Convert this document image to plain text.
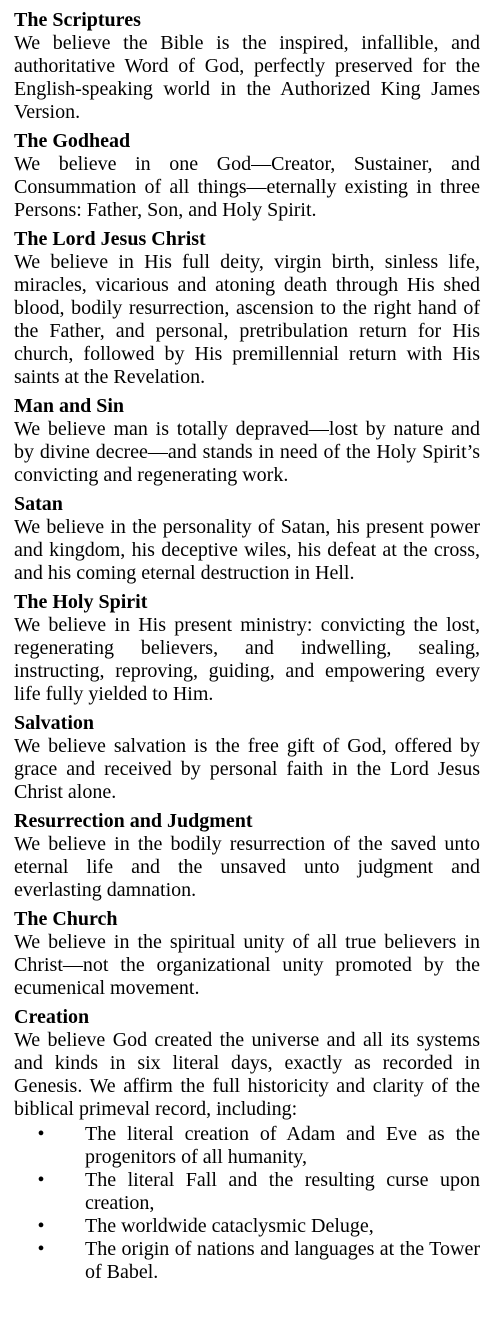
The Scriptures

We believe the Bible is the inspired, infallible, and authoritative Word of God, perfectly preserved for the English-speaking world in the Authorized King James Version.

The Godhead

We believe in one God—Creator, Sustainer, and Consummation of all things—eternally existing in three Persons: Father, Son, and Holy Spirit.

The Lord Jesus Christ

We believe in His full deity, virgin birth, sinless life, miracles, vicarious and atoning death through His shed blood, bodily resurrection, ascension to the right hand of the Father, and personal, pretribulation return for His church, followed by His premillennial return with His saints at the Revelation.

Man and Sin

We believe man is totally depraved—lost by nature and by divine decree—and stands in need of the Holy Spirit’s convicting and regenerating work.

Satan

We believe in the personality of Satan, his present power and kingdom, his deceptive wiles, his defeat at the cross, and his coming eternal destruction in Hell.

The Holy Spirit

We believe in His present ministry: convicting the lost, regenerating believers, and indwelling, sealing, instructing, reproving, guiding, and empowering every life fully yielded to Him.

Salvation

We believe salvation is the free gift of God, offered by grace and received by personal faith in the Lord Jesus Christ alone.

Resurrection and Judgment

We believe in the bodily resurrection of the saved unto eternal life and the unsaved unto judgment and everlasting damnation.

The Church

We believe in the spiritual unity of all true believers in Christ—not the organizational unity promoted by the ecumenical movement.

Creation

We believe God created the universe and all its systems and kinds in six literal days, exactly as recorded in Genesis. We affirm the full historicity and clarity of the biblical primeval record, including:

• The literal creation of Adam and Eve as the progenitors of all humanity,
• The literal Fall and the resulting curse upon creation,
• The worldwide cataclysmic Deluge,
• The origin of nations and languages at the Tower of Babel.
